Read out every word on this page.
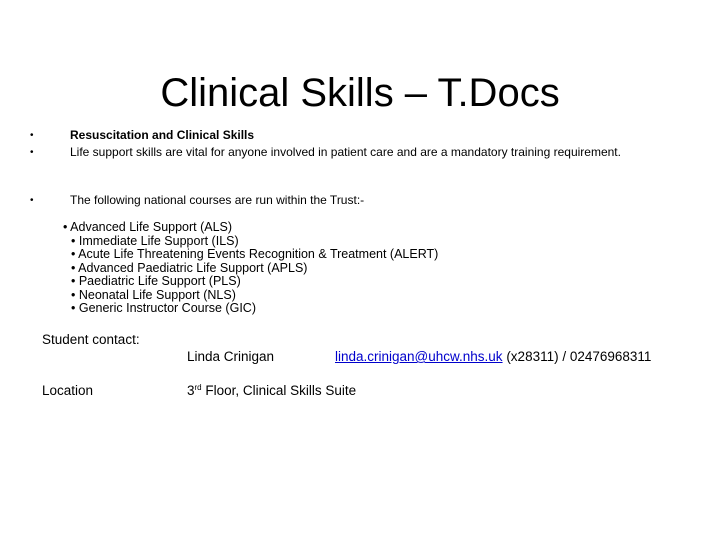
Clinical Skills – T.Docs
•	Resuscitation and Clinical Skills
•	Life support skills are vital for anyone involved in patient care and are a mandatory training requirement.
•	The following national courses are run within the Trust:-
• Advanced Life Support (ALS)
• Immediate Life Support (ILS)
• Acute Life Threatening Events Recognition & Treatment (ALERT)
• Advanced Paediatric Life Support (APLS)
• Paediatric Life Support (PLS)
• Neonatal Life Support (NLS)
• Generic Instructor Course (GIC)
Student contact:
Linda Crinigan	linda.crinigan@uhcw.nhs.uk (x28311) / 02476968311
Location	3rd Floor, Clinical Skills Suite
